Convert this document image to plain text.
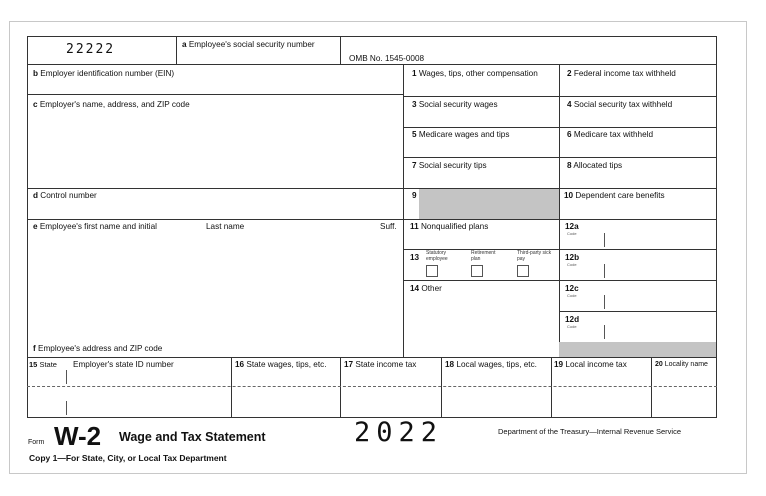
22222	a Employee's social security number
OMB No. 1545-0008
b Employer identification number (EIN)
c Employer's name, address, and ZIP code
d Control number
e Employee's first name and initial	Last name	Suff.
f Employee's address and ZIP code
1 Wages, tips, other compensation
3 Social security wages
5 Medicare wages and tips
7 Social security tips
9
11 Nonqualified plans
13 Statutory employee
Retirement plan
Third-party sick pay
14 Other
2 Federal income tax withheld
4 Social security tax withheld
6 Medicare tax withheld
8 Allocated tips
10 Dependent care benefits
12a
Code
12b
Code
12c
Code
12d
Code
15 State Employer's state ID number	16 State wages, tips, etc. 17 State income tax	18 Local wages, tips, etc. 19 Local income tax	20 Locality name
Form W-2 Wage and Tax Statement	2022	Department of the Treasury—Internal Revenue Service
Copy 1—For State, City, or Local Tax Department
